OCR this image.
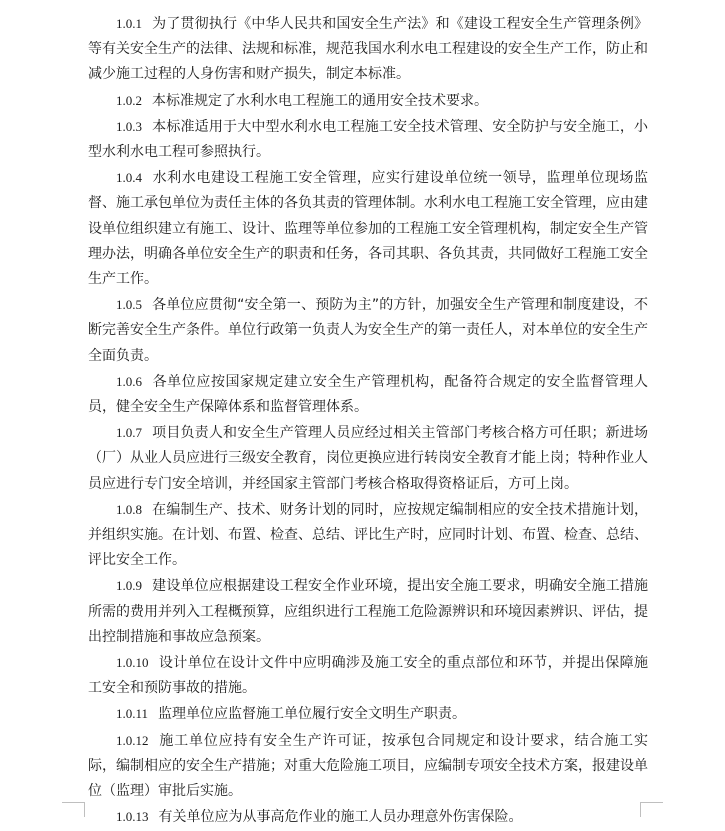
1.0.1 为了贯彻执行《中华人民共和国安全生产法》和《建设工程安全生产管理条例》等有关安全生产的法律、法规和标准，规范我国水利水电工程建设的安全生产工作，防止和减少施工过程的人身伤害和财产损失，制定本标准。

1.0.2 本标准规定了水利水电工程施工的通用安全技术要求。

1.0.3 本标准适用于大中型水利水电工程施工安全技术管理、安全防护与安全施工，小型水利水电工程可参照执行。

1.0.4 水利水电建设工程施工安全管理，应实行建设单位统一领导，监理单位现场监督、施工承包单位为责任主体的各负其责的管理体制。水利水电工程施工安全管理，应由建设单位组织建立有施工、设计、监理等单位参加的工程施工安全管理机构，制定安全生产管理办法，明确各单位安全生产的职责和任务，各司其职、各负其责，共同做好工程施工安全生产工作。

1.0.5 各单位应贯彻“安全第一、预防为主”的方针，加强安全生产管理和制度建设，不断完善安全生产条件。单位行政第一负责人为安全生产的第一责任人，对本单位的安全生产全面负责。

1.0.6 各单位应按国家规定建立安全生产管理机构，配备符合规定的安全监督管理人员，健全安全生产保障体系和监督管理体系。

1.0.7 项目负责人和安全生产管理人员应经过相关主管部门考核合格方可任职；新进场（厂）从业人员应进行三级安全教育，岗位更换应进行转岗安全教育才能上岗；特种作业人员应进行专门安全培训，并经国家主管部门考核合格取得资格证后，方可上岗。

1.0.8 在编制生产、技术、财务计划的同时，应按规定编制相应的安全技术措施计划，并组织实施。在计划、布置、检查、总结、评比生产时，应同时计划、布置、检查、总结、评比安全工作。

1.0.9 建设单位应根据建设工程安全作业环境，提出安全施工要求，明确安全施工措施所需的费用并列入工程概预算，应组织进行工程施工危险源辨识和环境因素辨识、评估，提出控制措施和事故应急预案。

1.0.10 设计单位在设计文件中应明确涉及施工安全的重点部位和环节，并提出保障施工安全和预防事故的措施。

1.0.11 监理单位应监督施工单位履行安全文明生产职责。

1.0.12 施工单位应持有安全生产许可证，按承包合同规定和设计要求，结合施工实际，编制相应的安全生产措施；对重大危险施工项目，应编制专项安全技术方案，报建设单位（监理）审批后实施。

1.0.13 有关单位应为从事高危作业的施工人员办理意外伤害保险。
